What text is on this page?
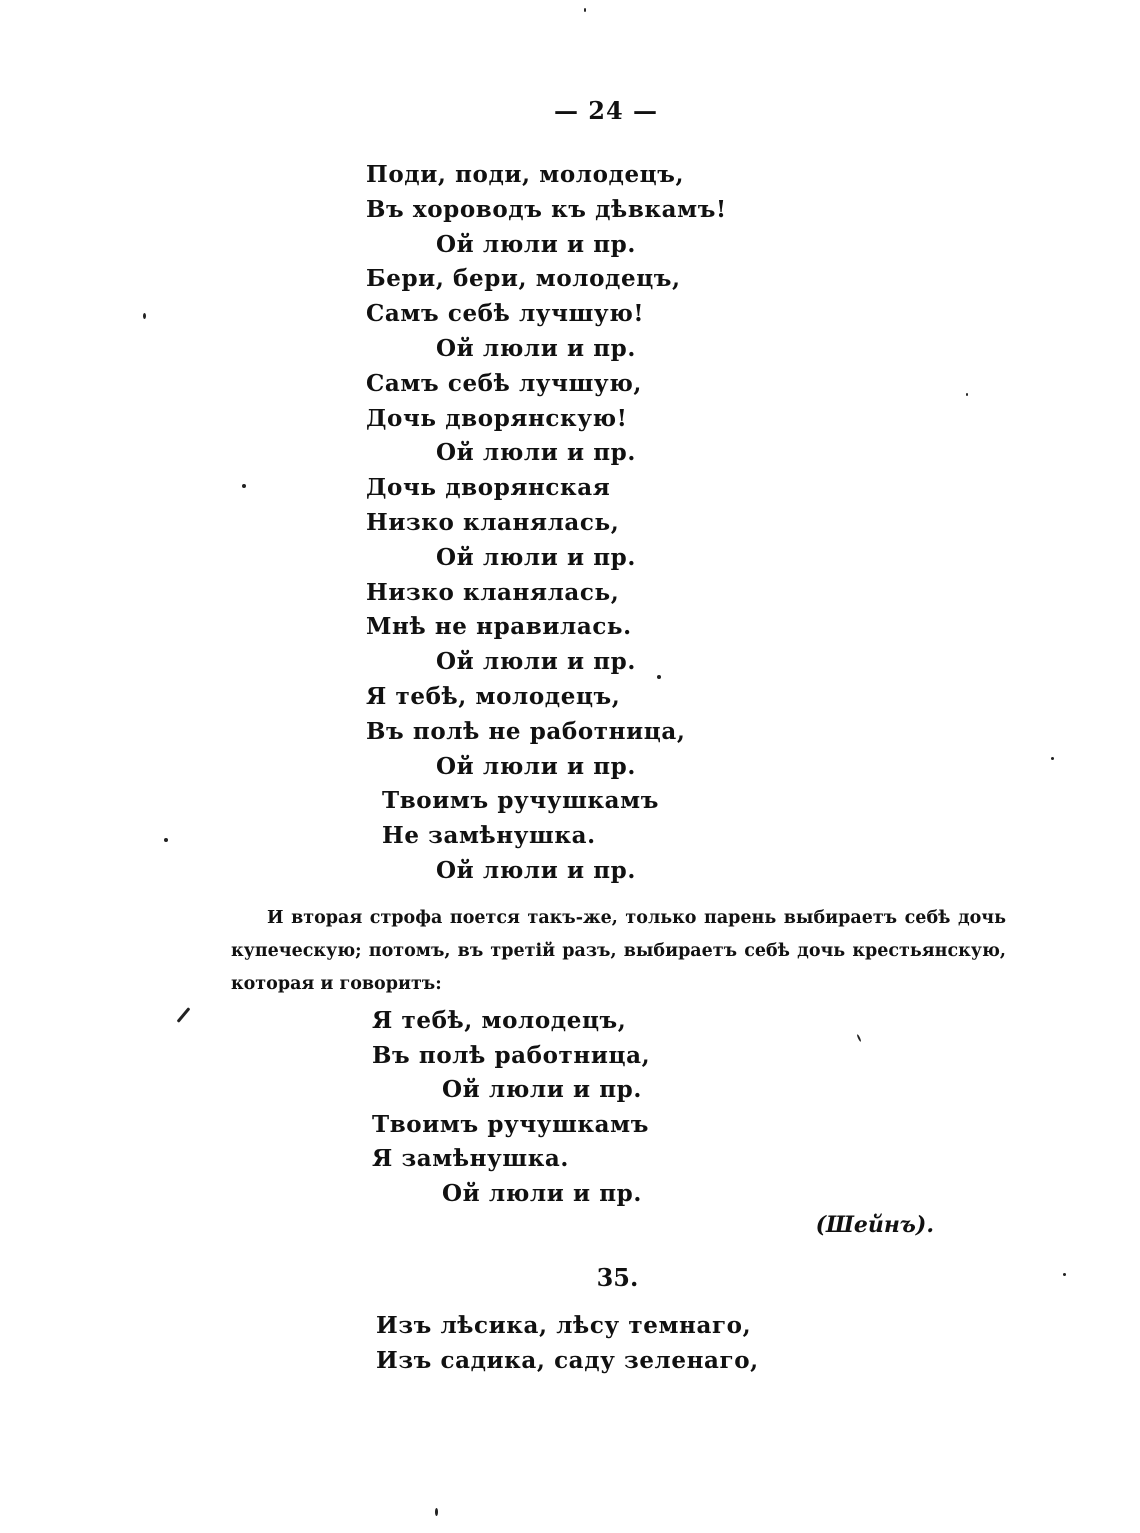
— 24 —
Поди, поди, молодецъ,
Въ хороводъ къ дѣвкамъ!
Ой люли и пр.
Бери, бери, молодецъ,
Самъ себѣ лучшую!
Ой люли и пр.
Самъ себѣ лучшую,
Дочь дворянскую!
Ой люли и пр.
Дочь дворянская
Низко кланялась,
Ой люли и пр.
Низко кланялась,
Мнѣ не нравилась.
Ой люли и пр.
Я тебѣ, молодецъ,
Въ полѣ не работница,
Ой люли и пр.
Твоимъ ручушкамъ
Не замѣнушка.
Ой люли и пр.
И вторая строфа поется такъ-же, только парень выбираетъ себѣ дочь купеческую; потомъ, въ третій разъ, выбираетъ себѣ дочь крестьянскую, которая и говоритъ:
Я тебѣ, молодецъ,
Въ полѣ работница,
Ой люли и пр.
Твоимъ ручушкамъ
Я замѣнушка.
Ой люли и пр.
(Шейнъ).
35.
Изъ лѣсика, лѣсу темнаго,
Изъ садика, саду зеленаго,
